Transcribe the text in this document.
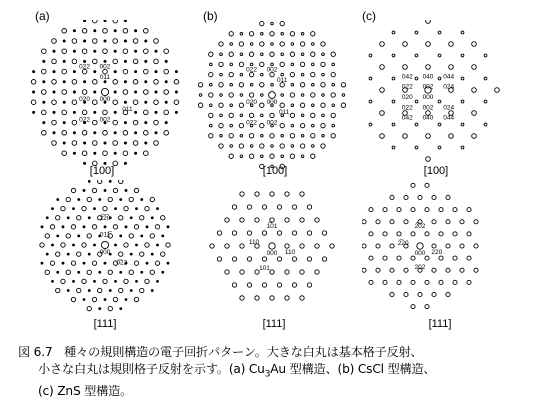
(a)	(b)	(c)
022 002
011
020 000
011
022 002
022 002
011
020 000
011
022 002
042 040 044
022 002 024
000
020
024
002
022
044
040
042
2̅2̅0
011̅
000
0̅22
1̅01
110
000 110
101
2̅02
2̅20
000 220
202
[100]	[100]	[100]
[111]	[111]	[111]
図 6.7 種々の規則構造の電子回折パターン。大きな白丸は基本格子反射、
小さな白丸は規則格子反射を示す。(a) $Cu_3Au$ 型構造、(b) CsCl 型構造、
(c) ZnS 型構造。
